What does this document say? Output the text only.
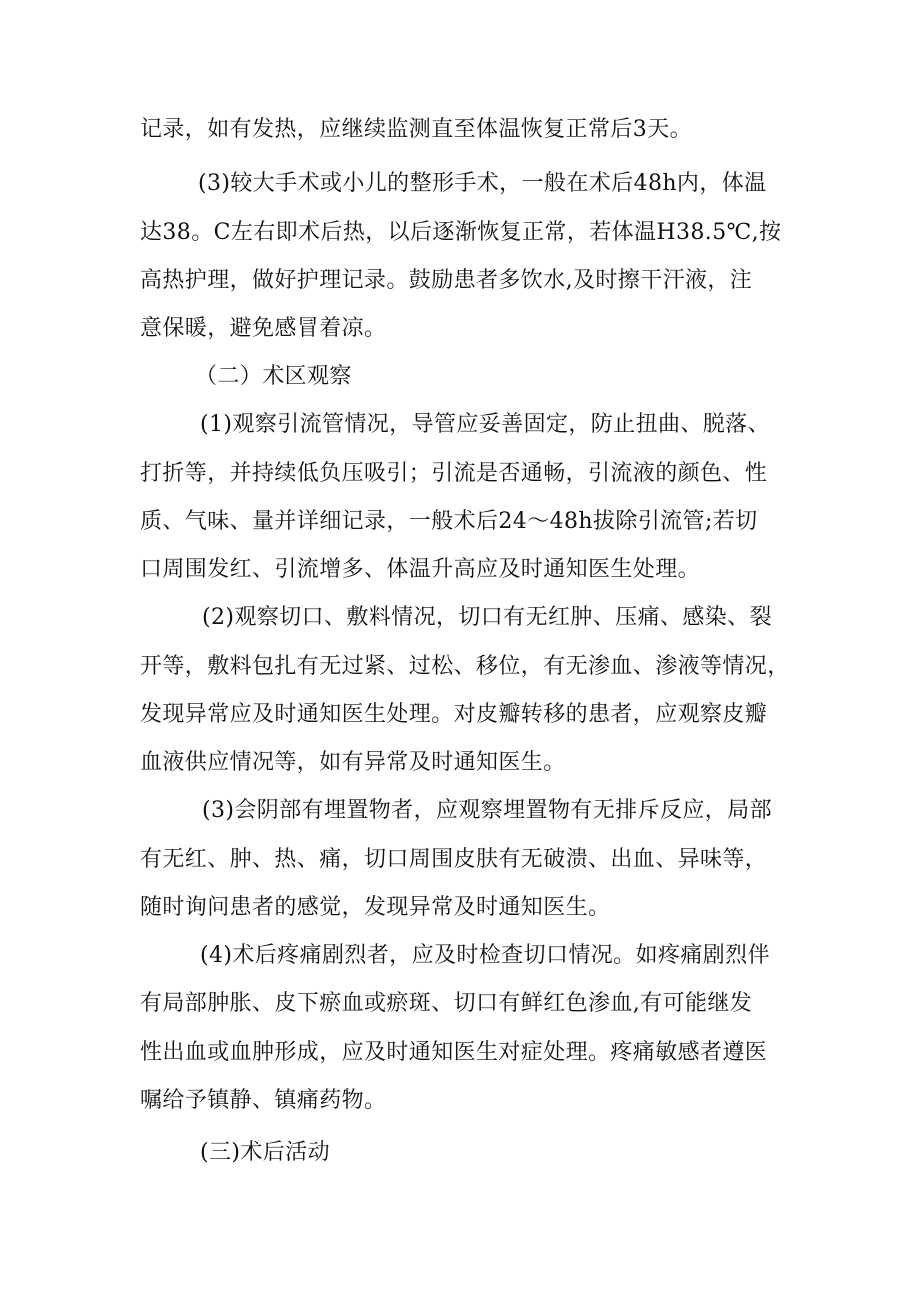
记录，如有发热，应继续监测直至体温恢复正常后3天。
(3)较大手术或小儿的整形手术，一般在术后48h内，体温
达38。C左右即术后热，以后逐渐恢复正常，若体温H38.5℃,按
高热护理，做好护理记录。鼓励患者多饮水,及时擦干汗液，注
意保暖，避免感冒着凉。
（二）术区观察
(1)观察引流管情况，导管应妥善固定，防止扭曲、脱落、
打折等，并持续低负压吸引；引流是否通畅，引流液的颜色、性
质、气味、量并详细记录，一般术后24～48h拔除引流管;若切
口周围发红、引流增多、体温升高应及时通知医生处理。
(2)观察切口、敷料情况，切口有无红肿、压痛、感染、裂
开等，敷料包扎有无过紧、过松、移位，有无渗血、渗液等情况，
发现异常应及时通知医生处理。对皮瓣转移的患者，应观察皮瓣
血液供应情况等，如有异常及时通知医生。
(3)会阴部有埋置物者，应观察埋置物有无排斥反应，局部
有无红、肿、热、痛，切口周围皮肤有无破溃、出血、异味等，
随时询问患者的感觉，发现异常及时通知医生。
(4)术后疼痛剧烈者，应及时检查切口情况。如疼痛剧烈伴
有局部肿胀、皮下瘀血或瘀斑、切口有鲜红色渗血,有可能继发
性出血或血肿形成，应及时通知医生对症处理。疼痛敏感者遵医
嘱给予镇静、镇痛药物。
(三)术后活动
